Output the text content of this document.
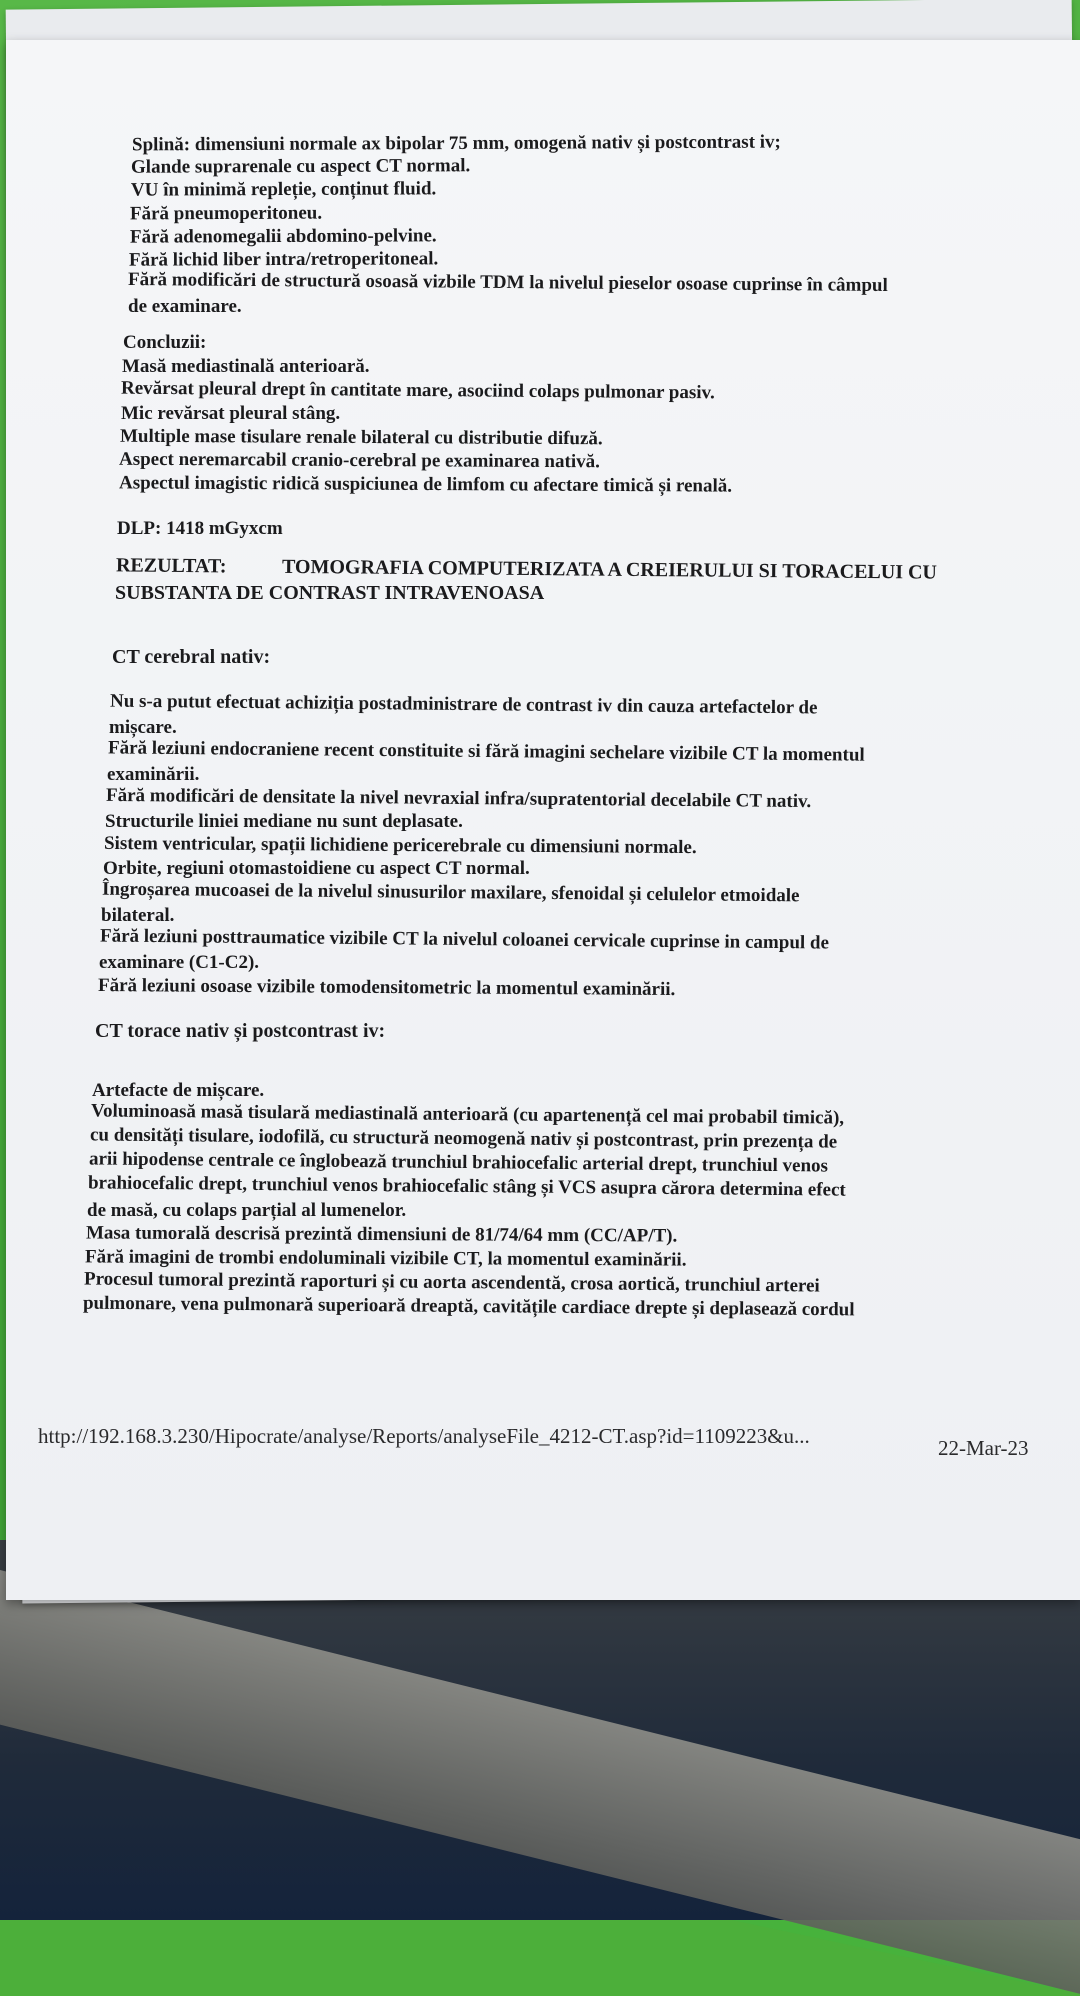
Splină: dimensiuni normale ax bipolar 75 mm, omogenă nativ și postcontrast iv;
Glande suprarenale cu aspect CT normal.
VU în minimă repleție, conținut fluid.
Fără pneumoperitoneu.
Fără adenomegalii abdomino-pelvine.
Fără lichid liber intra/retroperitoneal.
Fără modificări de structură osoasă vizbile TDM la nivelul pieselor osoase cuprinse în câmpul
de examinare.
Concluzii:
Masă mediastinală anterioară.
Revărsat pleural drept în cantitate mare, asociind colaps pulmonar pasiv.
Mic revărsat pleural stâng.
Multiple mase tisulare renale bilateral cu distributie difuză.
Aspect neremarcabil cranio-cerebral pe examinarea nativă.
Aspectul imagistic ridică suspiciunea de limfom cu afectare timică și renală.
DLP: 1418 mGyxcm
REZULTAT:	TOMOGRAFIA COMPUTERIZATA A CREIERULUI SI TORACELUI CU
SUBSTANTA DE CONTRAST INTRAVENOASA
CT cerebral nativ:
Nu s-a putut efectuat achiziția postadministrare de contrast iv din cauza artefactelor de
mișcare.
Fără leziuni endocraniene recent constituite si fără imagini sechelare vizibile CT la momentul
examinării.
Fără modificări de densitate la nivel nevraxial infra/supratentorial decelabile CT nativ.
Structurile liniei mediane nu sunt deplasate.
Sistem ventricular, spații lichidiene pericerebrale cu dimensiuni normale.
Orbite, regiuni otomastoidiene cu aspect CT normal.
Îngroșarea mucoasei de la nivelul sinusurilor maxilare, sfenoidal și celulelor etmoidale
bilateral.
Fără leziuni posttraumatice vizibile CT la nivelul coloanei cervicale cuprinse in campul de
examinare (C1-C2).
Fără leziuni osoase vizibile tomodensitometric la momentul examinării.
CT torace nativ și postcontrast iv:
Artefacte de mișcare.
Voluminoasă masă tisulară mediastinală anterioară (cu apartenență cel mai probabil timică),
cu densități tisulare, iodofilă, cu structură neomogenă nativ și postcontrast, prin prezența de
arii hipodense centrale ce înglobează trunchiul brahiocefalic arterial drept, trunchiul venos
brahiocefalic drept, trunchiul venos brahiocefalic stâng și VCS asupra cărora determina efect
de masă, cu colaps parțial al lumenelor.
Masa tumorală descrisă prezintă dimensiuni de 81/74/64 mm (CC/AP/T).
Fără imagini de trombi endoluminali vizibile CT, la momentul examinării.
Procesul tumoral prezintă raporturi și cu aorta ascendentă, crosa aortică, trunchiul arterei
pulmonare, vena pulmonară superioară dreaptă, cavitățile cardiace drepte și deplasează cordul
http://192.168.3.230/Hipocrate/analyse/Reports/analyseFile_4212-CT.asp?id=1109223&u...	22-Mar-23
